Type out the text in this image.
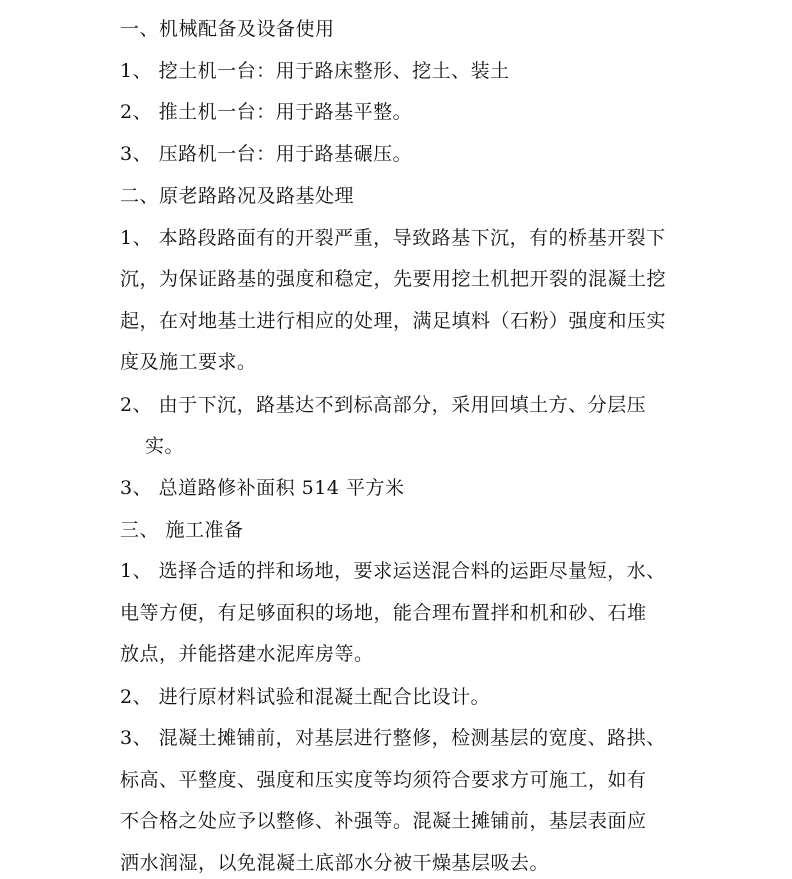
一、机械配备及设备使用
1、 挖土机一台：用于路床整形、挖土、装土
2、 推土机一台：用于路基平整。
3、 压路机一台：用于路基碾压。
二、原老路路况及路基处理
1、 本路段路面有的开裂严重，导致路基下沉，有的桥基开裂下
沉，为保证路基的强度和稳定，先要用挖土机把开裂的混凝土挖
起，在对地基土进行相应的处理，满足填料（石粉）强度和压实
度及施工要求。
2、 由于下沉，路基达不到标高部分，采用回填土方、分层压
实。
3、 总道路修补面积 514 平方米
三、 施工准备
1、 选择合适的拌和场地，要求运送混合料的运距尽量短，水、
电等方便，有足够面积的场地，能合理布置拌和机和砂、石堆
放点，并能搭建水泥库房等。
2、 进行原材料试验和混凝土配合比设计。
3、 混凝土摊铺前，对基层进行整修，检测基层的宽度、路拱、
标高、平整度、强度和压实度等均须符合要求方可施工，如有
不合格之处应予以整修、补强等。混凝土摊铺前，基层表面应
洒水润湿，以免混凝土底部水分被干燥基层吸去。
